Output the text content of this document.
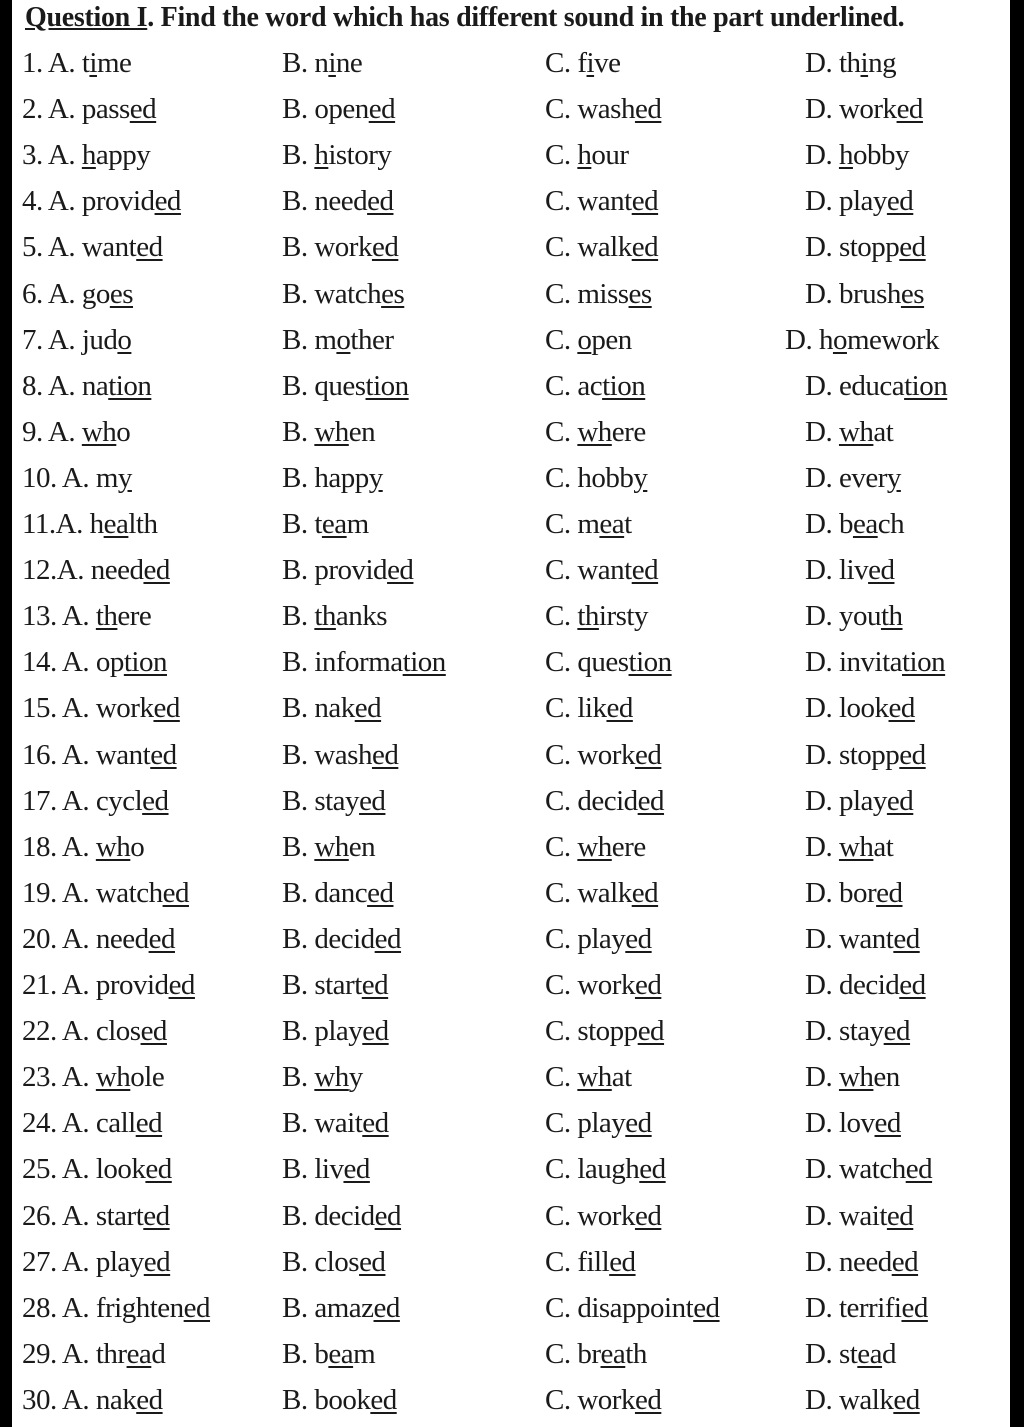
Question I. Find the word which has different sound in the part underlined.
1. A. time	B. nine	C. five	D. thing
2. A. passed	B. opened	C. washed	D. worked
3. A. happy	B. history	C. hour	D. hobby
4. A. provided	B. needed	C. wanted	D. played
5. A. wanted	B. worked	C. walked	D. stopped
6. A. goes	B. watches	C. misses	D. brushes
7. A. judo	B. mother	C. open	D. homework
8. A. nation	B. question	C. action	D. education
9. A. who	B. when	C. where	D. what
10. A. my	B. happy	C. hobby	D. every
11.A. health	B. team	C. meat	D. beach
12.A. needed	B. provided	C. wanted	D. lived
13. A. there	B. thanks	C. thirsty	D. youth
14. A. option	B. information	C. question	D. invitation
15. A. worked	B. naked	C. liked	D. looked
16. A. wanted	B. washed	C. worked	D. stopped
17. A. cycled	B. stayed	C. decided	D. played
18. A. who	B. when	C. where	D. what
19. A. watched	B. danced	C. walked	D. bored
20. A. needed	B. decided	C. played	D. wanted
21. A. provided	B. started	C. worked	D. decided
22. A. closed	B. played	C. stopped	D. stayed
23. A. whole	B. why	C. what	D. when
24. A. called	B. waited	C. played	D. loved
25. A. looked	B. lived	C. laughed	D. watched
26. A. started	B. decided	C. worked	D. waited
27. A. played	B. closed	C. filled	D. needed
28. A. frightened B. amazed	C. disappointed	D. terrified
29. A. thread	B. beam	C. breath	D. stead
30. A. naked	B. booked	C. worked	D. walked
